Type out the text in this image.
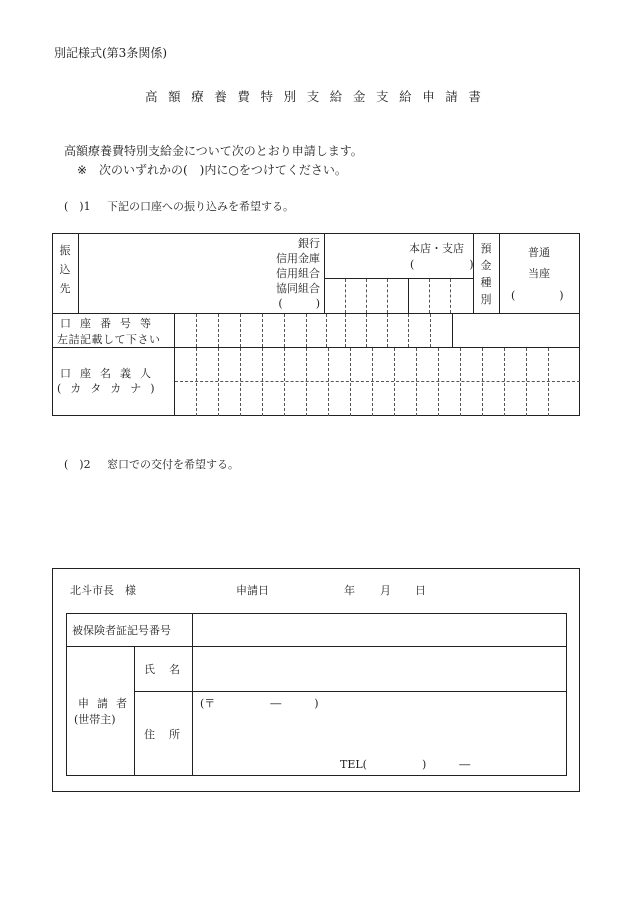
別記様式(第3条関係)
高額療養費特別支給金支給申請書
高額療養費特別支給金について次のとおり申請します。
※ 次のいずれかの(　)内に○をつけてください。
(　)1 下記の口座への振り込みを希望する。
振
込
先
銀行
信用金庫
信用組合
協同組合
(　　　)
本店・支店
(　　　　　)
預
金
種
別
普通
当座
(　　　　)
口座番号等
左詰記載して下さい
口座名義人
(カタカナ)
(　)2 窓口での交付を希望する。
北斗市長　様	申請日	年 月 日
被保険者証記号番号
申請者
(世帯主)
氏名
住所
(〒　　　　　―　　　)
TEL(　　　　　)　　　―
